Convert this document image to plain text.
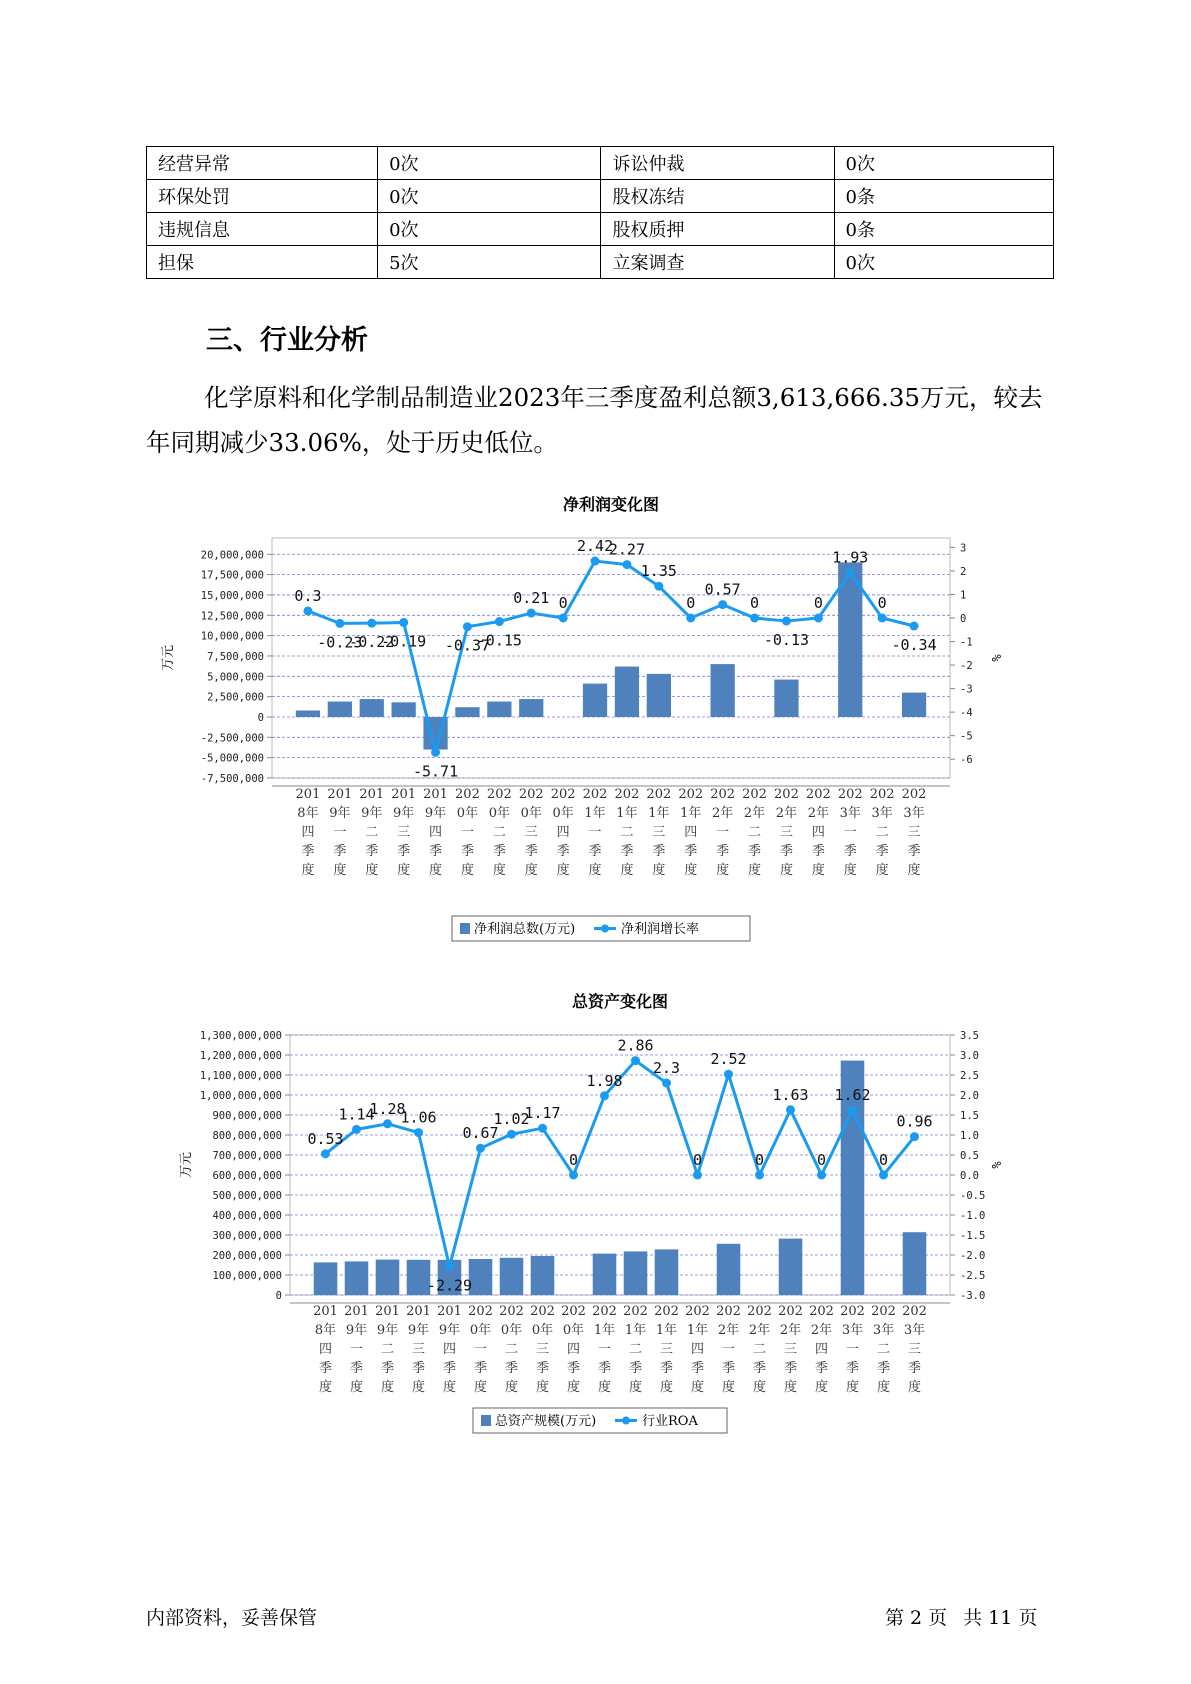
经营异常	0次	诉讼仲裁	0次
环保处罚	0次	股权冻结	0条
违规信息	0次	股权质押	0条
担保	5次	立案调查	0次
三、行业分析
化学原料和化学制品制造业2023年三季度盈利总额3,613,666.35万元，较去年同期减少33.06%，处于历史低位。
净利润变化图
20,000,000
17,500,000
15,000,000
12,500,000
10,000,000
7,500,000
5,000,000
2,500,000
0
-2,500,000
-5,000,000
-7,500,000
3
2
1
0
-1
-2
-3
-4
-5
-6
万元	%
0.3
-0.23
-0.22
-0.19
-5.71
-0.37
-0.15
0.21 0
2.42
2.27
1.35
0
0.57
0
-0.13
0
1.93
0
-0.34
201
8年
四
季
度
201
9年
一
季
度
201
9年
二
季
度
201
9年
三
季
度
201
9年
四
季
度
202
0年
一
季
度
202
0年
二
季
度
202
0年
三
季
度
202
0年
四
季
度
202
1年
一
季
度
202
1年
二
季
度
202
1年
三
季
度
202
1年
四
季
度
202
2年
一
季
度
202
2年
二
季
度
202
2年
三
季
度
202
2年
四
季
度
202
3年
一
季
度
202
3年
二
季
度
202
3年
三
季
度
净利润总数(万元)	净利润增长率
总资产变化图
1,300,000,000
1,200,000,000
1,100,000,000
1,000,000,000
900,000,000
800,000,000
700,000,000
600,000,000
500,000,000
400,000,000
300,000,000
200,000,000
100,000,000
0
3.5
3.0
2.5
2.0
1.5
1.0
0.5
0.0
-0.5
-1.0
-1.5
-2.0
-2.5
-3.0
万元	%
0.53
1.14
1.28
1.06
-2.29
0.67
1.02
1.17
0
1.98
2.86
2.3
0
2.52
0
1.63
0
1.62
0
0.96
201
8年
四
季
度
201
9年
一
季
度
201
9年
二
季
度
201
9年
三
季
度
201
9年
四
季
度
202
0年
一
季
度
202
0年
二
季
度
202
0年
三
季
度
202
0年
四
季
度
202
1年
一
季
度
202
1年
二
季
度
202
1年
三
季
度
202
1年
四
季
度
202
2年
一
季
度
202
2年
二
季
度
202
2年
三
季
度
202
2年
四
季
度
202
3年
一
季
度
202
3年
二
季
度
202
3年
三
季
度
总资产规模(万元)	行业ROA
内部资料，妥善保管	第 2 页 共 11 页
